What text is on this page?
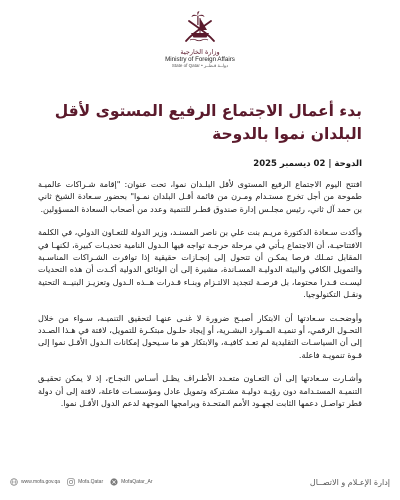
وزارة الخارجية
Ministry of Foreign Affairs
State of Qatar • دولــة قـطــر
بدء أعمال الاجتماع الرفيع المستوى لأقل البلدان نموا بالدوحة
الدوحة | 02 ديسمبر 2025

افتتح اليوم الاجتماع الرفيع المستوى لأقل البلـدان نموا، تحت عنوان: "إقامة شـراكات عالميـة طموحة من أجل تخرج مستـدام ومـرن من قائمة أقـل البلدان نمـوا" بحضور سـعادة الشيخ ثاني بن حمد آل ثاني، رئيس مجلـس إدارة صندوق قطـر للتنمية وعدد من أصحاب السعادة المسؤولين.

وأكدت سـعادة الدكتورة مريـم بنت علي بن ناصر المسنـد، وزير الدولة للتعـاون الدولي، في الكلمة الافتتاحيـة، أن الاجتماع يـأتي في مرحلة حرجـة تواجه فيها الـدول النامية تحديـات كبيرة، لكنهـا في المقابل تمـلك فرصا يمكـن أن تتحول إلى إنجـازات حقيقية إذا توافرت الشـراكات المناسـبة والتمويل الكافي والبيئة الدوليـة المسـاندة، مشيرة إلى أن الوثائق الدولية أكـدت أن هذه التحديات ليسـت قـدرا محتوما، بل فرصـة لتجديد الالتـزام وبنـاء قـدرات هــذه الـدول وتعزيـز البنيــة التحتية ونقـل التكنولوجيا.

وأوضحـت سـعادتها أن الابتكار أصبـح ضرورة لا غنـى عنهـا لتحقيق التنميـة، سـواء من خلال التحـول الرقمي، أو تنميـة المـوارد البشـرية، أو إيجاد حلـول مبتكـرة للتمويل، لافتة في هـذا الصـدد إلى أن السياسـات التقليدية لم تعـد كافيـة، والابتكار هو ما سـيحول إمكانات الـدول الأقـل نموا إلى قـوة تنمويـة فاعلة.

وأشـارت سـعادتها إلى أن التعـاون متعـدد الأطـراف يظـل أسـاس النجـاح، إذ لا يمكن تحقيـق التنميـة المستـدامة دون رؤيـة دوليـة مشـتركة وتمويل عادل ومؤسسـات فاعلة، لافتة إلى أن دولة قطر تواصـل دعمها الثابت لجهـود الأمم المتحـدة وبرامجها الموجهة لدعم الدول الأقـل نموا.

إدارة الإعـلام و الاتصــال
www.mofa.gov.qa	Mofa.Qatar	MofaQatar_Ar
